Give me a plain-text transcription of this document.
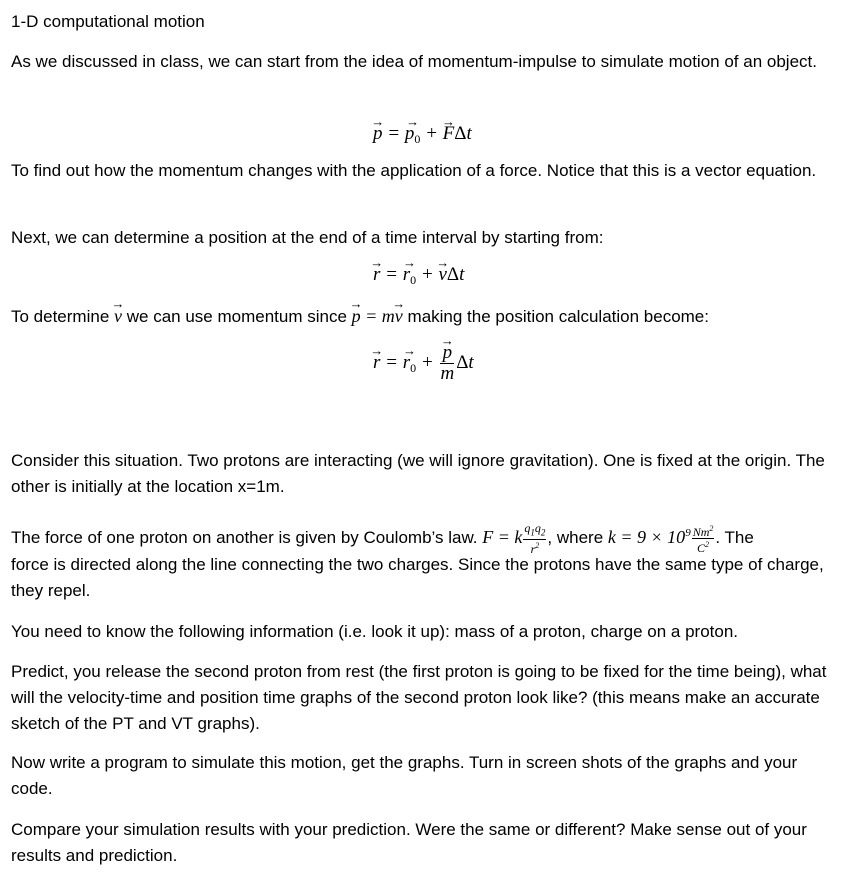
1-D computational motion

As we discussed in class, we can start from the idea of momentum-impulse to simulate motion of an object.

→ p = → $p_0$ + → FΔt

To find out how the momentum changes with the application of a force. Notice that this is a vector equation.

Next, we can determine a position at the end of a time interval by starting from:

→ r = → $r_0$ + → vΔt

To determine → v we can use momentum since → p = m→ v making the position calculation become:

→ r = → $r_0$ + → $\frac{p}{m}$ Δt

Consider this situation. Two protons are interacting (we will ignore gravitation). One is fixed at the origin. The other is initially at the location x=1m.

The force of one proton on another is given by Coulomb’s law. F = k $\frac{q_1q_2}{r^2}$ , where $k = 9 \times 10^9 \frac{Nm^2}{C^2}$ . The

force is directed along the line connecting the two charges. Since the protons have the same type of charge, they repel.

You need to know the following information (i.e. look it up): mass of a proton, charge on a proton.

Predict, you release the second proton from rest (the first proton is going to be fixed for the time being), what will the velocity-time and position time graphs of the second proton look like? (this means make an accurate sketch of the PT and VT graphs).

Now write a program to simulate this motion, get the graphs. Turn in screen shots of the graphs and your code.

Compare your simulation results with your prediction. Were the same or different? Make sense out of your results and prediction.
